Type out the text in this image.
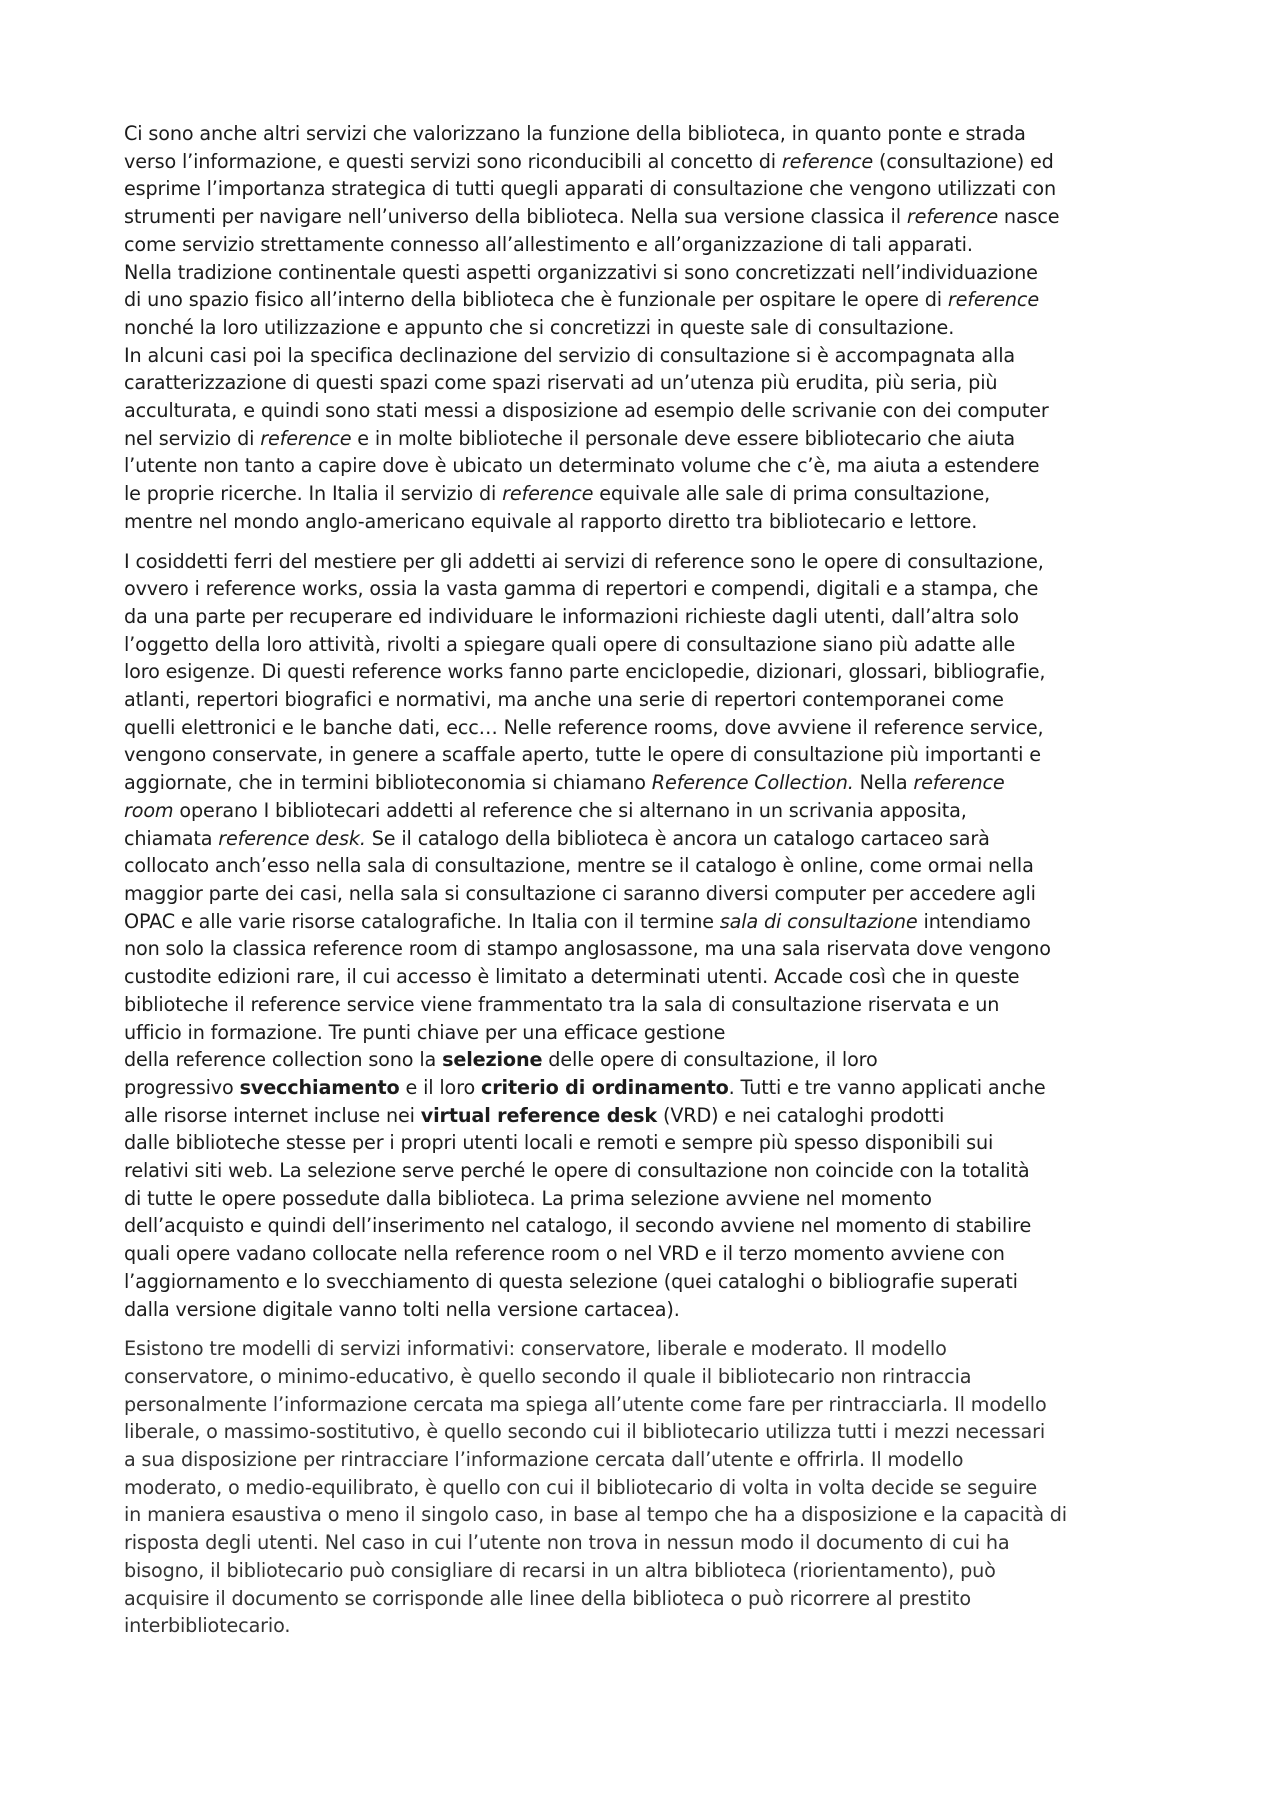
Ci sono anche altri servizi che valorizzano la funzione della biblioteca, in quanto ponte e strada
verso l’informazione, e questi servizi sono riconducibili al concetto di reference (consultazione) ed
esprime l’importanza strategica di tutti quegli apparati di consultazione che vengono utilizzati con
strumenti per navigare nell’universo della biblioteca. Nella sua versione classica il reference nasce
come servizio strettamente connesso all’allestimento e all’organizzazione di tali apparati.
Nella tradizione continentale questi aspetti organizzativi si sono concretizzati nell’individuazione
di uno spazio fisico all’interno della biblioteca che è funzionale per ospitare le opere di reference
nonché la loro utilizzazione e appunto che si concretizzi in queste sale di consultazione.
In alcuni casi poi la specifica declinazione del servizio di consultazione si è accompagnata alla
caratterizzazione di questi spazi come spazi riservati ad un’utenza più erudita, più seria, più
acculturata, e quindi sono stati messi a disposizione ad esempio delle scrivanie con dei computer
nel servizio di reference e in molte biblioteche il personale deve essere bibliotecario che aiuta
l’utente non tanto a capire dove è ubicato un determinato volume che c’è, ma aiuta a estendere
le proprie ricerche. In Italia il servizio di reference equivale alle sale di prima consultazione,
mentre nel mondo anglo-americano equivale al rapporto diretto tra bibliotecario e lettore.
I cosiddetti ferri del mestiere per gli addetti ai servizi di reference sono le opere di consultazione,
ovvero i reference works, ossia la vasta gamma di repertori e compendi, digitali e a stampa, che
da una parte per recuperare ed individuare le informazioni richieste dagli utenti, dall’altra solo
l’oggetto della loro attività, rivolti a spiegare quali opere di consultazione siano più adatte alle
loro esigenze. Di questi reference works fanno parte enciclopedie, dizionari, glossari, bibliografie,
atlanti, repertori biografici e normativi, ma anche una serie di repertori contemporanei come
quelli elettronici e le banche dati, ecc… Nelle reference rooms, dove avviene il reference service,
vengono conservate, in genere a scaffale aperto, tutte le opere di consultazione più importanti e
aggiornate, che in termini biblioteconomia si chiamano Reference Collection. Nella reference
room operano I bibliotecari addetti al reference che si alternano in un scrivania apposita,
chiamata reference desk. Se il catalogo della biblioteca è ancora un catalogo cartaceo sarà
collocato anch’esso nella sala di consultazione, mentre se il catalogo è online, come ormai nella
maggior parte dei casi, nella sala si consultazione ci saranno diversi computer per accedere agli
OPAC e alle varie risorse catalografiche. In Italia con il termine sala di consultazione intendiamo
non solo la classica reference room di stampo anglosassone, ma una sala riservata dove vengono
custodite edizioni rare, il cui accesso è limitato a determinati utenti. Accade così che in queste
biblioteche il reference service viene frammentato tra la sala di consultazione riservata e un
ufficio in formazione. Tre punti chiave per una efficace gestione
della reference collection sono la selezione delle opere di consultazione, il loro
progressivo svecchiamento e il loro criterio di ordinamento. Tutti e tre vanno applicati anche
alle risorse internet incluse nei virtual reference desk (VRD) e nei cataloghi prodotti
dalle biblioteche stesse per i propri utenti locali e remoti e sempre più spesso disponibili sui
relativi siti web. La selezione serve perché le opere di consultazione non coincide con la totalità
di tutte le opere possedute dalla biblioteca. La prima selezione avviene nel momento
dell’acquisto e quindi dell’inserimento nel catalogo, il secondo avviene nel momento di stabilire
quali opere vadano collocate nella reference room o nel VRD e il terzo momento avviene con
l’aggiornamento e lo svecchiamento di questa selezione (quei cataloghi o bibliografie superati
dalla versione digitale vanno tolti nella versione cartacea).
Esistono tre modelli di servizi informativi: conservatore, liberale e moderato. Il modello
conservatore, o minimo-educativo, è quello secondo il quale il bibliotecario non rintraccia
personalmente l’informazione cercata ma spiega all’utente come fare per rintracciarla. Il modello
liberale, o massimo-sostitutivo, è quello secondo cui il bibliotecario utilizza tutti i mezzi necessari
a sua disposizione per rintracciare l’informazione cercata dall’utente e offrirla. Il modello
moderato, o medio-equilibrato, è quello con cui il bibliotecario di volta in volta decide se seguire
in maniera esaustiva o meno il singolo caso, in base al tempo che ha a disposizione e la capacità di
risposta degli utenti. Nel caso in cui l’utente non trova in nessun modo il documento di cui ha
bisogno, il bibliotecario può consigliare di recarsi in un altra biblioteca (riorientamento), può
acquisire il documento se corrisponde alle linee della biblioteca o può ricorrere al prestito
interbibliotecario.
